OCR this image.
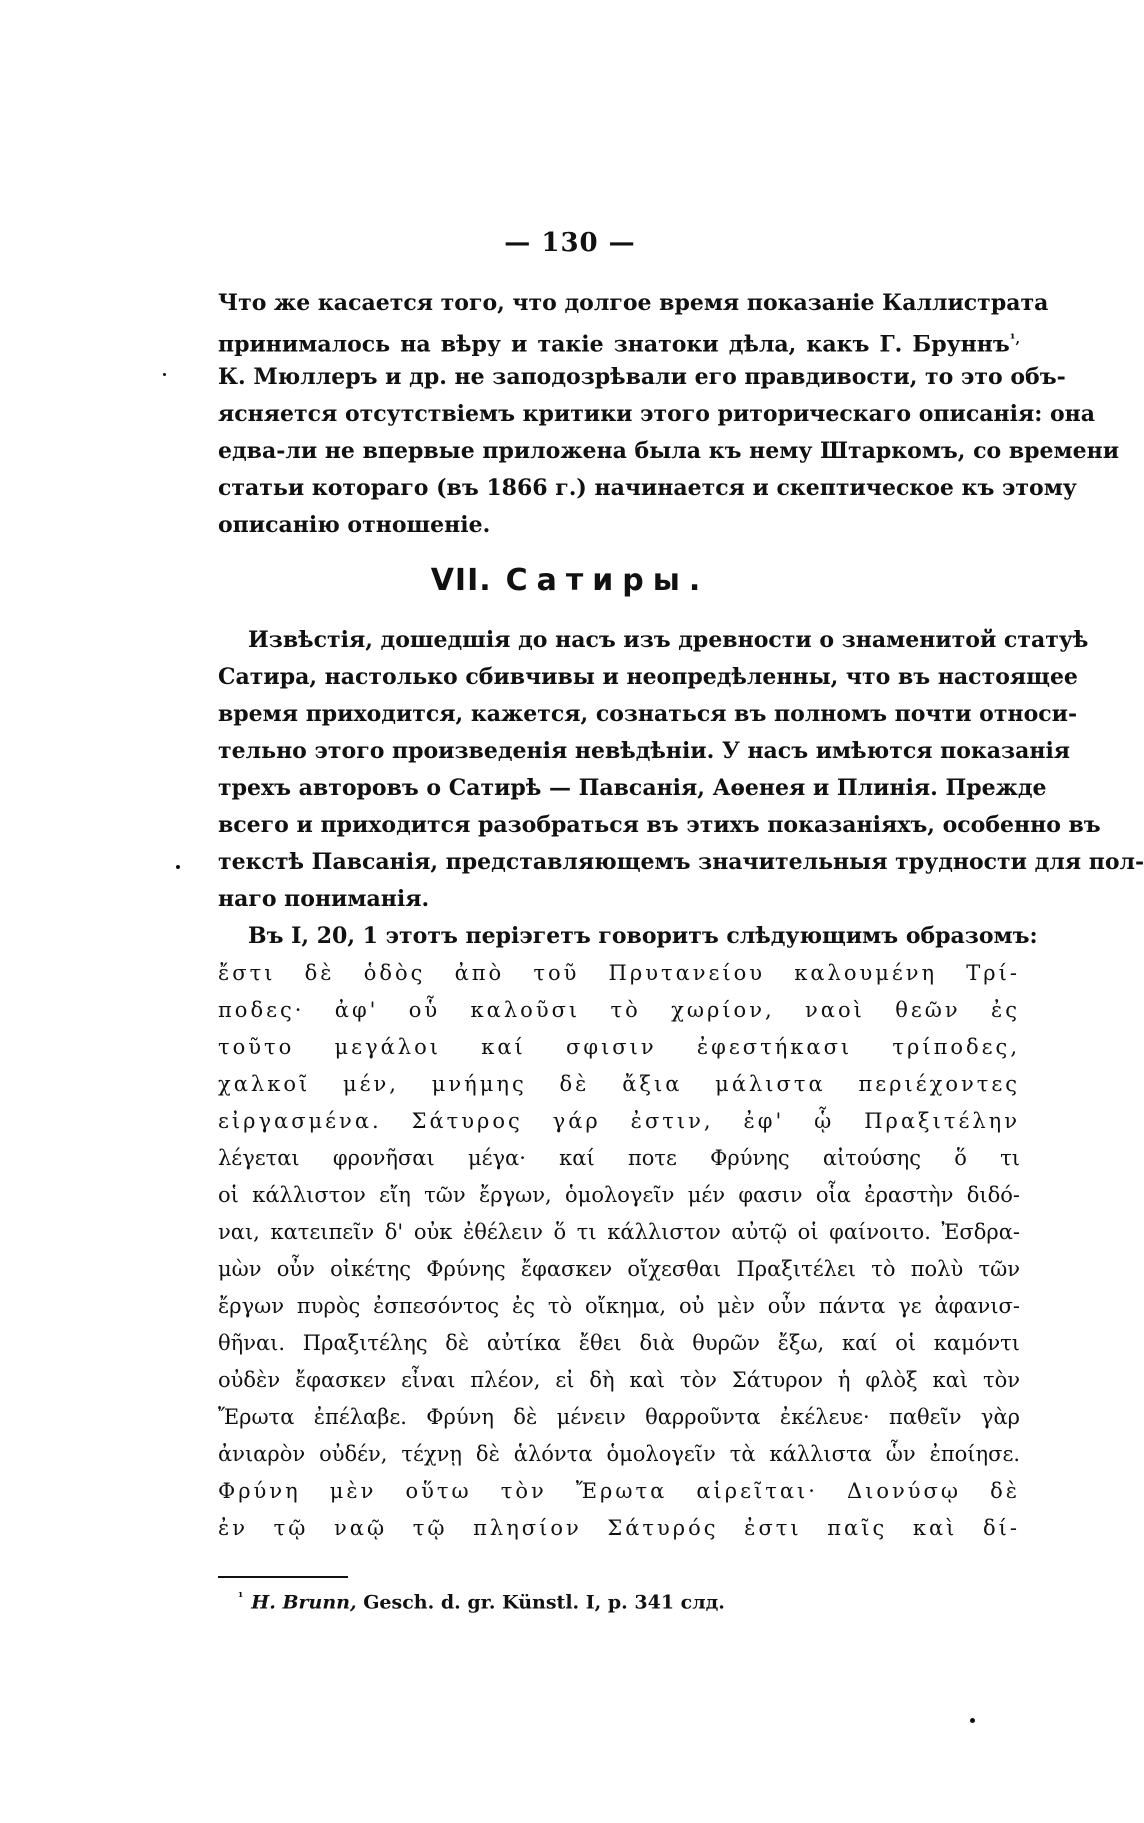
— 130 —
Что же касается того, что долгое время показаніе Каллистрата
принималось на вѣру и такіе знатоки дѣла, какъ Г. Бруннъ$^{^1,}$
К. Мюллеръ и др. не заподозрѣвали его правдивости, то это объ-
ясняется отсутствіемъ критики этого риторическаго описанія: она
едва-ли не впервые приложена была къ нему Штаркомъ, со времени
статьи котораго (въ 1866 г.) начинается и скептическое къ этому
описанію отношеніе.
VII. Сатиры.
Извѣстія, дошедшія до насъ изъ древности о знаменитой статуѣ
Сатира, настолько сбивчивы и неопредѣленны, что въ настоящее
время приходится, кажется, сознаться въ полномъ почти относи-
тельно этого произведенія невѣдѣніи. У насъ имѣются показанія
трехъ авторовъ о Сатирѣ — Павсанія, Аѳенея и Плинія. Прежде
всего и приходится разобраться въ этихъ показаніяхъ, особенно въ
текстѣ Павсанія, представляющемъ значительныя трудности для пол-
наго пониманія.
Въ I, 20, 1 этотъ періэгетъ говоритъ слѣдующимъ образомъ:
ἔστι δὲ ὁδὸς ἀπὸ τοῦ Πρυτανείου καλουμένη Τρί-
ποδες· ἀφ' οὗ καλοῦσι τὸ χωρίον, ναοὶ θεῶν ἐς
τοῦτο μεγάλοι καί σφισιν ἐφεστήκασι τρίποδες,
χαλκοῖ μέν, μνήμης δὲ ἄξια μάλιστα περιέχοντες
εἰργασμένα. Σάτυρος γάρ ἐστιν, ἐφ' ᾧ Πραξιτέλην
λέγεται φρονῆσαι μέγα· καί ποτε Φρύνης αἰτούσης ὅ τι
οἱ κάλλιστον εἴη τῶν ἔργων, ὁμολογεῖν μέν φασιν οἷα ἐραστὴν διδό-
ναι, κατειπεῖν δ' οὐκ ἐθέλειν ὅ τι κάλλιστον αὐτῷ οἱ φαίνοιτο. Ἐσδρα-
μὼν οὖν οἰκέτης Φρύνης ἔφασκεν οἴχεσθαι Πραξιτέλει τὸ πολὺ τῶν
ἔργων πυρὸς ἐσπεσόντος ἐς τὸ οἴκημα, οὐ μὲν οὖν πάντα γε ἀφανισ-
θῆναι. Πραξιτέλης δὲ αὐτίκα ἔθει διὰ θυρῶν ἔξω, καί οἱ καμόντι
οὐδὲν ἔφασκεν εἶναι πλέον, εἰ δὴ καὶ τὸν Σάτυρον ἡ φλὸξ καὶ τὸν
Ἔρωτα ἐπέλαβε. Φρύνη δὲ μένειν θαρροῦντα ἐκέλευε· παθεῖν γὰρ
ἀνιαρὸν οὐδέν, τέχνῃ δὲ ἁλόντα ὁμολογεῖν τὰ κάλλιστα ὧν ἐποίησε.
Φρύνη μὲν οὕτω τὸν Ἔρωτα αἱρεῖται· Διονύσῳ δὲ
ἐν τῷ ναῷ τῷ πλησίον Σάτυρός ἐστι παῖς καὶ δί-
$^{^1}$ H. Brunn, Gesch. d. gr. Künstl. I, p. 341 слд.
